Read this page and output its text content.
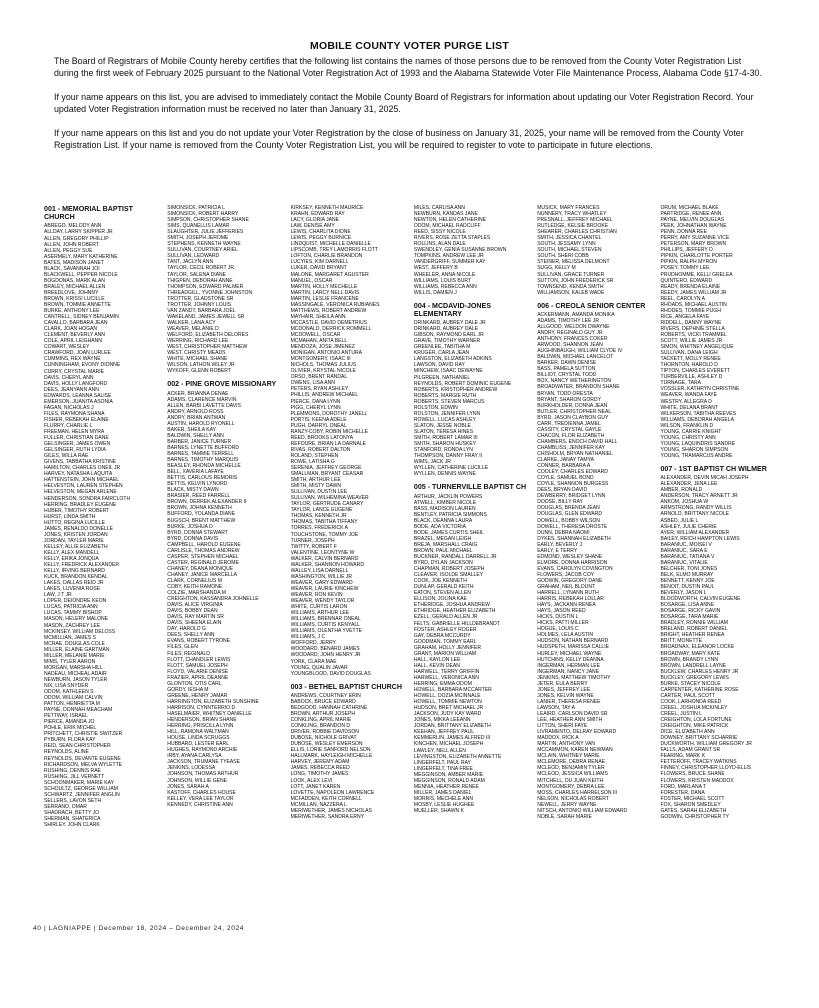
MOBILE COUNTY VOTER PURGE LIST

The Board of Registrars of Mobile County hereby certifies that the following list contains the names of those persons due to be removed from the County Voter Registration List during the first week of February 2025 pursuant to the National Voter Registration Act of 1993 and the Alabama Statewide Voter File Maintenance Process, Alabama Code §17-4-30.

If your name appears on this list, you are advised to immediately contact the Mobile County Board of Registrars for information about updating our Voter Registration Record. Your updated Voter Registration information must be received no later than January 31, 2025.

If your name appears on this list and you do not update your Voter Registration by the close of business on January 31, 2025, your name will be removed from the County Voter Registration List. If your name is removed from the County Voter Registration List, you will be required to register to vote to participate in future elections.

001 - MEMORIAL BAPTIST CHURCH
ABREGO, MELODY ANN
ALLDAY, LARRY SKIPPER JR
ALLEN, GREGORY PHILLIP
ALLEN, JOHN ROBERT
ALLEN, PEGGY SUE
ASERMELY, MARY KATHERINE
BATES, MADISON JANET
BLACK, SAVANNAH JOI
BLACKWELL, PEPPER NICOLE
BOGDONAS, MARK ALAN
BRALEY, MICHAEL ALLEN
BREEDLOVE, JOHNNY
BROWN, KRISSI LUCILLE
BROWN, TOMMIE ANNETTE
BURKE, ANTHONY LEE
CANTRELL, SIDNEY BENJAMIN
CAVALLO, BARBARA JEAN
CLARK, JOAN HOGAN
CLEMENT, BEVERLY ANN
COLE, APRIL LEIGHANN
COWART, WESLEY
CRAWFORD, JOAN LURLEE
CUMMINS, REX WAYNE
CUNNINGHAM, EVONY DIONNE
CURRY, CRYSTAL MARIE
DAVIS, CHERYL ANN
DAVIS, HOLLY LANGFORD
DEES, JEANYANN ANN
EDWARDS, LEANNA SALISE
EMERSON, JUANITA ASONIA
FAGAN, NICHOLAS J
FILES, RAYMONA SHANA
FISHER, REBEKAH ELAINE
FLURRY, CHARLIE L
FREEMAN, HELEN MYRA
FULLER, CHRISTIAN DANE
GELSINGER, JAMES OWEN
GELSINGER, RUTH LYDIA
GILES, WILLA RAE
GIVENS, TABBATHA KRISTINE
HAMILTON, CHARLES ONEIL JR
HARVEY, NATASHA LAQUITA
HATTENSTEIN, JOHN MICHAEL
HELVESTON, LAUREN STEPHEN
HELVESTON, MEGAN ARLENE
HENDERSON, SONDRA FAIRCLOTH
HERRING, BRADLEY EUGENE
HUBER, TIMOTHY ROBERT
HURST, LINDA SMITH
HUTTO, REGINA LUCILLE
JAMES, RENALDO DONELLE
JONES, KRISTEN JORDAN
JORDAN, TAYLER MARIE
KELLEY, ALLIE ELIZABETH
KELLY, ALEX MANDELL
KELLY, ERIKA JONQUA
KELLY, FREDRICK ALEXANDER
KELLY, IRVING BERNARD
KUCK, BRANDON KENDAL
LAKES, DALLAS REID JR
LAKES, LUVENIA ROSE
LAW, J T JR
LOPER, DEIONDRE KEON
LUCAS, PATRICIA ANN
LUCAS, TAMMY BISHOP
MASON, HELERY MALONE
MASON, ZACHREY LEE
MCKINSEY, WILLIAM DELOSS
MCMILLIAN, JAMES S
MCRAE, DOUGLAS COLE
MILLER, ELAINE GARTMAN
MILLER, MELANIE MARIE
MIMS, TYLER AARON
MORGAN, MARSHA HILL
NADEAU, MICHEAL ADAIR
NEWBURN, JASON TYLER
NIX, LISA SNYDER
ODOM, KATHLEEN S
ODOM, WILLIAM CALVIN
PATTON, HENRIETTA M
PAYNE, DONNAH MEACHAM
PETTWAY, ISRAEL
PIERCE, AMANDA JO
POHLE, ERIK MICHEL
PRITCHETT, CHRISTIE SWITZER
PYBURN, FLORA KAY
REID, SEAN CHRISTOPHER
REYNOLDS, ALINE
REYNOLDS, DEVANTE EUGENE
RICHARDSON, MELVA WYLETTE
RUSHING, DENNIS RAE
RUSHING, JILL VERNETT
SCHOONMAKER, MARIE KAY
SCHOULTZ, GEORGE WILLIAM
SCHWARTZ, JENNIFER ANGLIN
SELLERS, LAVON SETH
SERRANO, OMAR
SHADRACH, BETTY JO
SHERMAN, SHATERICA
SHIRLEY, JOHN CLARK
SIMONSICK, PATRICIA L
SIMONSICK, ROBERT HARRY
SIMPSON, CHRISTOPHER SHANE
SIMS, QUANELLIS LAMAR
SLAUGHTER, JULIE JEFFERIES
SMITH, JOSEPH JEROME
STEPHENS, KENNETH WAYNE
SULLIVAN, COURTNEY ARIEL
SULLIVAN, LEDWARD
TANT, JACLYN ANN
TAYLOR, CECIL ROBERT JR
TAYLOR, SALENA DIANE
THIGPEN, DEBORAH ANNE
THOMPSON, EDWARD PALMER
THREADGILL, YVONNE JOHNSTON
TROTTER, GLADSTONE SR
TROTTER, JOHNNY LOUIS
VAN ZANDT, BARBARA JOEL
WAKELAND, JAMES JEWELL SR
WALKER, LANA ACY
WEAVER, MELANIE D
WELFORD, ELIZABETH DELORES
WERRING, RICHARD LEE
WEST, CHRISTOPHER MATTHEW
WEST, CHRISTY MEADS
WHITE, MICHAEL SHANE
WILSON, LATHON WILEY JR
WYKOFF, GLENN ROBERT
002 - PINE GROVE MISSIONARY
ACKER, BRIANNA DENAE
ADAMS, CLARENCE MARVIN
ALLEN, BARBI LAVETTE DAVIS
ANDRY, ARNOLD ROSS
ANDRY, BRIAN ANTWAN
AUSTIN, HAROLD RYONELL
BAKER, SHEILA KAY
BALDWIN, SHELLY ANN
BARBER, JANICE TURNER
BARNES, LYNETTE BUFFORD
BARNES, TAMMIE TERRELL
BARNES, TIMOTHY MARQUIS
BEASLEY, RHONDA MICHELLE
BELL, XAVERIA LAFAYE
BETTIS, CARLOUS REMORIS
BETTIS, KELVIN LYNORD
BLACK, MISTY DAWN
BRASIER, REED FARRELL
BROWN, DERREK ALEXANDER II
BROWN, JOHNA KENNETH
BUFFORD, YOLANDA DIANE
BUGSCH, BRENT MATTHEW
BURKE, JOSHUA D
BYRD, DONNA STEWART
BYRD, DONNA DAVIS
CAMPBELL, HAROLD EUGENE
CARLISLE, THOMAS ANDREW
CASPER, STEPHEN MICHAEL
CASTER, REGINALD JEROME
CHANEY, DEANA MONIQUE
CHANEY, JANICE MARCELLA
CLARK, CORNELIUS M
COBY, KEITH RAMONE
COLZIE, MARSHANDA M
CREIGHTON, KASSANDRA JOHNELLE
DAVIS, ALICE VIRGINIA
DAVIS, BOBBY DEAN
DAVIS, RAY MARTIN SR
DAVIS, SHEENA ELAIN
DAY, HAROLD G
DEES, SHELLY ANN
EVANS, ROBERT TYRONE
FILES, GLEN
FILES, REGINALD
FLOTT, CHANDLER LEWIS
FLOTT, SAMUEL JOSEPH
FLOYD, VALARIE DENISE
FRAZIER, APRIL DEANNE
GLONTON, OTIS CARL
GORDY, IESHA M
GREENE, HENRY JAMAR
HARRINGTON, ELIZABETH SUNSHINE
HARRISON, CYNNTERRIO D
HASELMAIER, WHITNEY DANIELLE
HENDERSON, BRIAN SHANE
HERRING, PRISCILLA LYNN
HILL, RAMONA WALTMAN
HOUSE, LINDA SCRUGGS
HUBBARD, LESTER EARL
HUGHES, RAYMOND ARCHIE
IRBY, AYANA CARLYSA
JACKSON, TRUMANE TYEASE
JENKINS, LODESSA
JOHNSON, THOMAS ARTHUR
JOHNSON, WILLIE GENE
JONES, SARAH A
KASTOFF, CHARLES HOUSE
KELLEY, VERA LEE TAYLOR
KENNEDY, CHRISTINE ANN
KIRKSEY, KENNETH MAURICE
KRAHN, EDWARD RAY
LACY, GLORIA JANE
LAW, DENISE AMY
LEWIS, CHARLITA DIONE
LEWIS, PEGGY BURNICE
LINDQUIST, MICHELLE DANIELLE
LIPSCOMB, TREY LAMORRIS FLOTT
LOFTON, CHARLIE BRANDON
LUCYIES, KIM DARNELL
LUKER, DAVID BRYANT
MALONE, MARGARET AGUSTER
MANUEL, OSCAR
MARTIN, HOLLY MECHELLE
MARTIN, LARCY NELL DAVIS
MARTIN, LESLIE FRANCENE
MASSINGALE, VERONICA RUBIANES
MATTHEWS, ROBERT ANDREW
MAYHAIR, SHEILA ANN
MCCASTLE, DAVID DEMETRIUS
MCDONALD, DERRICK ROMMELL
MCDOWELL, OSCAR
MCMAHAN, ANITA BELL
MENDOZA, JOSE JIMENEZ
MONIGAN, ANTONIO ANTURA
MONTGOMERY, ISAAC III
NICHOLS, THOMAS JULIUS
OLIVIER, KRYSTAL NICOLE
ORSO, BRENT RANDAL
OWENS, LISA ANN
PETERS, RYAN ASHLEY
PHILLIS, ANDREW MICHAEL
PIERCE, DANA LYNN
PIGG, CHERYL LYNN
PLEMMONS, DOROTHY JANELL
PORTIS, KEENA ADELE
PUGH, DARRYL ONEAL
RANZY-COBY, ROBIN MICHELLE
REED, BROOKS LATONYA
REFOURE, BRIAN LA DARNALE
RIVAS, ROBERT DALTON
ROLAND, STEPHEN
ROWE, LATISHA G
SERENIA, JEFFREY GEORGE
SMALLMAN, BRYANT CEASAR
SMITH, ARTHUR LEE
SMITH, MISTY DAWN
SULLIVAN, DUSTIN LEE
SULLIVAN, WILHEMINA WEAVER
TAYLOR, GERTRUDE CANARY
TAYLOR, LANCE EUGENE
THOMAS, KENNETH JR
THOMAS, TABITHA TIFFANY
TORRES, FREDERICK A
TOUCHSTONE, TOMMY JOE
TURNER, JOSEPH
TWITTY, ROBERT F
VALENTINE, LEONTYNE W
WALKER, CALVIN BERNARD
WALKER, SHANNON HOWARD
WALLEY, LISA DARNELL
WASHINGTON, WILLIE JR
WEAVER, GARY EDWARD
WEAVER, LAURIE KINCHEW
WEAVER, RON KEVIN
WEAVER, WENDY TAYLOR
WHITE, CURTIS LARON
WILLIAMS, ARTHUR LEE
WILLIAMS, BRENNAR ONEAL
WILLIAMS, CURTIS KENYALL
WILLIAMS, OLENTHA YVETTE
WILLIAMS, J C
WOFFORD, JERRY
WOODARD, BENARD JAMES
WOODARD, JOHN HENRY JR
YORK, CLARA MAE
YOUNG, QUALIN JAVAR
YOUNGBLOOD, DAVID DOUGLAS
003 - BETHEL BAPTIST CHURCH
ANDREWS, COURTNEY ERIN
BABOCK, BRUCE EDWARD
BEDGOOD, HANNAH CATHRINE
BROWN, ARTHUR JOSEPH
CONKLING, APRIL MARIE
CONKLING, BRANDON D
DRIVER, ROBBIE DAVIDSON
DUBOSE, NICHOLE GRIVAT
DUBOSE, WESLEY EMERSON
ELLIS, LORIE SANFORD NELSON
HALLMARK, HAYLEIGH MICHELLE
HARVEY, JEREMY ADAM
JAMES, REBECCA REED
LONG, TIMOTHY JAMES
LOOK, ALEX LEVI
LOTT, JANET KAREN
LOVETTE, NAPOLEON LAWRENCE
MCFADDEN, KEITH CORNELL
MCMILLAN, NAZZERA L
MERIWETHER, JAMES NICHOLAS
MERIWETHER, SANDRA ERNY
MILES, CARLISA ANN
NEWBURN, KANDAS JANE
NEWTON, HELEN CATHERINE
ODOM, MICHAEL RADCLIFF
REED, SISSY NICOLE
RIVERS, ROSE ZETTA STAPLES
ROLLINS, ALAN DALE
SWENDLEY, GENIA SUSANNE BROWN
TOMPKINS, ANDREW LEE JR
VANDERGRIFF, SUMMER KAY
WEST, JEFFERY B
WHEELER, ANNA NICOLE
WILLIAMS, LOUIS BURT
WILLIAMS, REBECCA ANN
WILLIS, DAMIEN J
004 - MCDAVID-JONES ELEMENTARY
DRINKARD, AUBREY DALE JR
DRINKARD, AUBREY DALE
GIBSON, RAYMOND EARL JR
GRAVE, TIMOTHY WARNER
GREENLEE, TABITHA M
KRUGER, CARLA JEAN
LANGSTON, ELIZABETH ADKINS
LAWSON, DAVID RAY
MINCHEW, ISAAC DEWAYNE
PILGREEN, NATHANIEL
REYNOLDS, ROBERT DOMINIC EUGENE
ROBERTS, KRISTOPHER ANDREW
ROBERTS, MARGIE RUTH
ROBERTS, STEVEN MARCUS
ROLSTON, EDWIN
ROLSTON, JENNIFER LYNN
ROWELL, LUCAS ASHLEY
SLATON, JESSE NOBLE
SLATON, TERESA HINES
SMITH, ROBERT LAMAR III
SMITH, SHARON HUSKEY
STANFORD, RONDA LYN
THOMPSON, DANNY FRAY II
WIMS, JACK JR
WYLLEN, CATHERINE LUCILLE
WYLLEN, DENNIS WAYNE
005 - TURNERVILLE BAPTIST CH
ARTHUR, JACKLIN POWERS
ATWELL, KIMBER NICOLE
BASS, MADISON LAUREN
BENTLEY, PATRICIA SIMMONS
BLACK, DEANNA LAURA
BODE, ADA VICTORIA
BODE, JAMES CURTIS SHEIL
BRAZEL, MEGAN LEIGH
BREJA, MARSHALL CRAIG
BROWN, PAUL MICHAEL
BUCKNER, RANDALL DARRELL JR
BYRD, DYLAN JACKSON
CHAPMAN, ROBERT JOSEPH
CLEAVER, ISOLDE SMALLEY
COOK, JOE KENNETH
DUNLAP, GERALD KEITH
EATON, STEVEN ALLEN
ELLISON, JOLINA KAE
ETHERIDGE, JOSHUA ANDREW
ETHRIDGE, HEATHER ELIZABETH
EZELL, GERALD ALLEN JR
FELTS, GABRIELLE HILLDEBRANDT
FOSTER, ASHLEY ROGER
GAY, DEBRA MCCURDY
GOODMAN, TOMMY EARL
GRAHAM, HOLLY JENNIFER
GRANT, MARION WILLIAM
HALL, KAYLON LEE
HALL, KEVIN DEAN
HARWELL, TERRY GRIFFIN
HARWELL, VERONICA ANN
HERRING, EMMA ODOM
HOWELL, BARBARA MCCARTER
HOWELL, DOZIA MCINNALE
HOWELL, TOMMIE NEWTON
HUDSON, BRET MICHAEL JR
JACKSON, JUDY KAY WARD
JONES, MIKKA LEEANN
JORDAN, BRITTANY ELIZABETH
KEEHAN, JEFFREY PAUL
KEMMERLIN, JAMES ALFRED III
KINCHEN, MICHAEL JOSEPH
LAWLEY, NELL ALLEN
LEVINGSTON, ELIZABETH ANNETTE
LINGERFELT, PAUL RAY
LINGERFELT, TINA FREE
MEGGINSON, AMBER MARIE
MEGGINSON, RONALD ADAM
MENNIA, HEATHER RENEE
MILLER, JAMES DANIEL
MORRIS, MECHELE ANN
MOSBY, LESLIE HUGHEE
MUELLER, SHAWN K
MUSICK, MARY FRANCES
NUNNERY, TRACY WHATLEY
PRESNALL, JEFFREY MICHAEL
RUTLEDGE, KELSIE BROOKE
SHEARER, CHARLES CHRISTIAN
SMITH, JESSICA CHANTEL
SOUTH, JESSAMY LYNN
SOUTH, MICHAEL STEVEN
SOUTH, SHERI COBB
STEINER, MELISSA DELMONT
SUGG, KELLY M
SULLIVAN, GRACE TURNER
SUTTON, JOHN FREDERICK SR
TOWNSEND, KENDA SMITH
WILLIAMSON, KALEB WADE
006 - CREOLA SENIOR CENTER
ACKERMANN, AMANDA MONIKA
ADAMS, TIMOTHY LEE JR
ALLGOOD, WELDON DWAYNE
ANDRY, REGINALD GUY JR
ANTHONY, FRANCES COKER
ARWOOD, SHANNON JEAN
AUGHINBAUGH, WILLIAM CLYDE IV
BALDWIN, MICHAEL LANCELOT
BARKER, DAWN DENISE
BASS, PAMELA SUTTON
BILLIOT, CRYSTAL TODD
BOX, NANCY WETHERINGTON
BROADWATER, BRANDON SHANE
BRYAN, TODD ORESTA
BRYANT, SHARON GORDY
BURKHOLDER, DONNA JEAN
BUTLER, CHRISTOPHER NEAL
BYRD, JASON CLAYBON GUY
CARR, TREDIENNA JAMEL
CASSITY, CRYSTAL GAYLE
CHACON, FLOR ELIZABETH
CHAMBERS, ENOCH DAVID HALL
CHAMBLISS, JENNIFER KAY
CHISHOLM, BRYAN NATHANIEL
CLARKE, JANAY TAMYA
CONNER, BARBARA A
COOLEY, CHARLES EDWARD
COYLE, SAMUEL BOND
COYLE, SHANNON BURGESS
DEES, BRYAN DAVID
DEWBERRY, BRIDGET LYNN
DOOSE, BILLY RAY
DOUGLAS, BRENDA JEAN
DOUGLAS, GLEN EDWARD
DOWELL, BOBBY WILSON
DOWELL, THERESA DROSTE
DUNN, DEBRA NAOMI
DYKES, SHANNAH ELIZABETH
EARLY, BEVERLY J
EARLY, E TERRY
EDMOND, WESLEY SHANE
ELMORE, DONNA HARRISON
EVANS, CAROLYN COVINGTON
FLOWERS, JACOB COY
GODWIN, GREGORY DANE
GRAHAM, NEIL BLOUNT
HARRELL, LYNANN RUTH
HARRIS, REBEKAH LOLLAR
HAYS, JACKANN RENEA
HAYS, JASON REED
HICKS, DUSTIN L
HICKS, PATTI MILLER
HOGUE, LOUIS C
HOLMES, LELA AUSTIN
HUDSON, NATHAN BERNARD
HUDSPETH, MARISSA CALLIE
HURLEY, MICHAEL WAYNE
HUTCHINS, KELLY DEANNA
INGERMAN, HERMAN LEE
INGERMAN, NANCY JANE
JENKINS, MATTHEW TIMOTHY
JETER, EULA BERRY
JONES, JEFFREY LEE
JONES, KELVIN WAYNE
LANIER, THERESA RENEE
LAWSON, TAY A
LEAIRD, CARLSON DAVID SR
LEE, HEATHER ANN SMITH
LITTON, SHERI FAYE
LIVRAMENTO, DELRAY EDWARD
MADDOX, RICK A
MARTIN, ANTHONY VAN
MCCAMMON, KAREN NEWMAN
MCLAIN, WHITNEY MARIE
MCLEMORE, DEBRA RENAE
MCLEOD, BENJAMIN TYLER
MCLEOD, JESSICA WILLIAMS
MITCHELL, DU JUAN KEITH
MONTGOMERY, DEBRA LEE
MOSS, CHARLES HARRELSON III
NELSON, NICHOLAS ROBERT
NEWELL, JERRY WAYNE
NITSCH, ANTONIO WILLIAM EDWARD
NOBLE, SARAH MARIE
ORUM, MICHAEL BLAKE
PARTRIDGE, RENEE ANN
PAYNE, MELVIN DOUGLAS
PEEK, JOHNATHAN WAYNE
PENN, DONNA REE
PERRY, AMY SUZANNE VICE
PETERSON, MARY BROWN
PHILLIPS, JEFFERY D
PIPKIN, CHARLOTTE PORTER
PIPKIN, RALPH MYRON
POSEY, TOMMY LEE
PRUDHOMME, KELLI GRELEA
QUINTERO, EDWARD
READY, BRENDA ELAINE
REEDY, JAMES WILLIAM JR
REEL, CAROLYN A
RHOADS, MICHAEL AUSTIN
RHODES, TOMMIE PUGH
RICE, ANGELA FAYE
RIDDELL, DANNY WAYNE
RIVERS, DEPHNIE STELLA
ROBERTS, VICKI TRAMMEL
SCOTT, WILLIE JAMES JR
SIMON, WHITNEY ANGELIQUE
SULLIVAN, DANA LEIGH
TACKETT, MOLLY RENEE
THORNTON, HAROLD D
TIPTON, CHARLES EVERETT
TURBERVILLE, ASHLEY D
TURNAGE, TARA
VOSSLER, KATHRYN CHRISTINE
WEAVER, WANDA FAYE
WESTRY, ALLEGRA D
WHITE, DELANA BRANT
WILKERSON, TABITHA REEVES
WILLIAMS, DEBORAH ANGELA
WILSON, FRANKLIN D
YOUNG, CARRIE KNIGHT
YOUNG, CHRISTY ANN
YOUNG, LAQUINDRIS SANDRE
YOUNG, SHARON SIMPSON
YOUNG, TRAMARCUS ANDRE
007 - 1ST BAPTIST CH WILMER
ALEXANDER, DEVIN MICAH JOSEPH
ALEXANDER, JENA LEE
AMBER, RONALD
ANDERSON, TRACY ARNETT JR
ANKOM, JOSHUA W
ARMSTRONG, RANDY WILLIS
ARNOLD, BRITTANY NICOLE
ASBED, JULIE L
ASHLEY, JULIE CHERIE
AYER, WILLIAM ALEXANDER
BAILEY, REICH HAMPTON LEWIS
BARANIUC, MOISEI V
BARANIUC, SARA E
BARANIUC, TATIANA V
BARANIUC, VITALIE
BELCHER, TONI JONES
BELK, ELMO MURRAY
BENNETT, KENNY JOE
BENOIT, DUSTIN PAUL
BEVERLY, JASON L
BLOODWORTH, CALVIN EUGENE
BOSARGE, LISA ANNE
BOSARGE, RICKY GAVIN
BOSARGE, TARA MARIE
BRADLEY, RONNIE WILLIAM
BRELAND, ROBERT DANIEL
BRIGHT, HEATHER RENEA
BRITT, MONETTE
BROADNAX, ELEANOR LOCKE
BROADWAY, MARY KATE
BROWN, BRANDY LYNN
BROWN, LANDRELL LAYNE
BUCKLEW, CHARLES HENRY JR
BUCKLEY, GREGORY LEWIS
BURKE, STACEY NICOLE
CARPENTER, KATHERINE ROSE
CARTER, PAUL SCOTT
COOK, LARHONDA REED
CREEL, JOSHUA MCKINLEY
CREEL, JUSTIN L
CREIGHTON, LOLA FORTUNE
CREIGHTON, MIKE PATRICK
DICE, ELIZABETH ANN
DOWNEY, BRITTANY SCHARRIE
DUCKWORTH, WILLIAM GREGORY JR
FALLS, ADAM GRANT SR
FEARING, MARK K
FETTEROFF, TRACEY WATKINS
FINNEY, CHRISTOPHER LLOYD-ELLIS
FLOWERS, BRUCE SHANE
FLOWERS, KRISTEN MADDOX
FORD, MARLANA T
FORESTER, DANA
FOSTER, MICHAEL SCOTT
FOX, SHARON SMEDLEY
GATES, SARAH ELIZABETH
GODWIN, CHRISTOPHER TY
40 | LAGNIAPPE | December 18, 2024 – December 24, 2024
